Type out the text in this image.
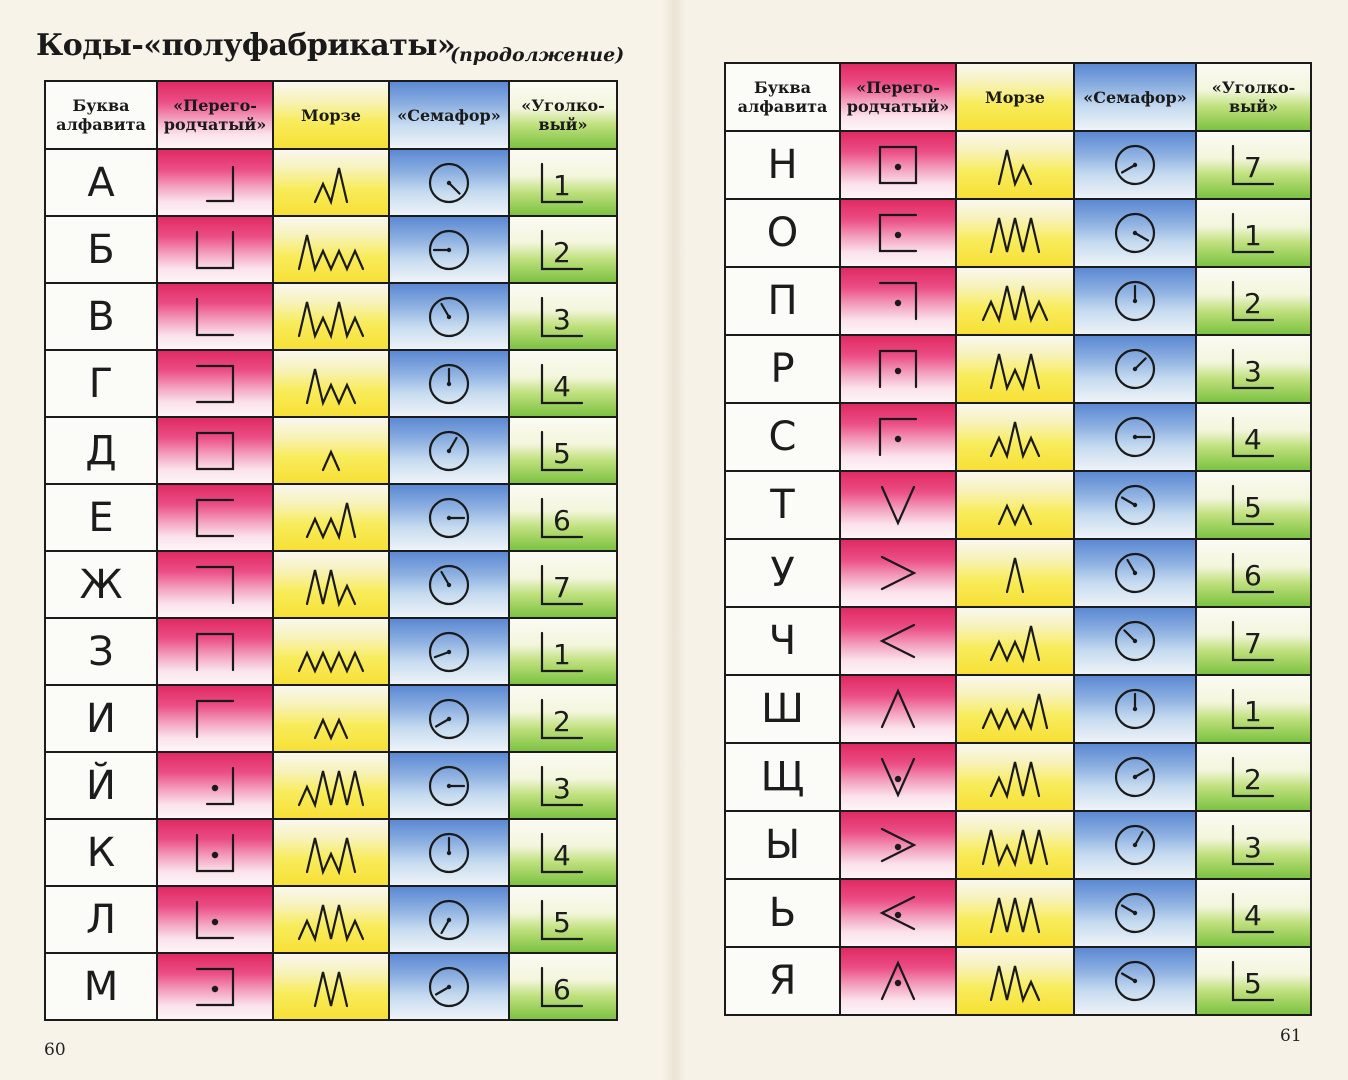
Коды-«полуфабрикаты»
(продолжение)
Буква алфавита	«Перего-родчатый»	Морзе	«Семафор»	«Уголко-вый»
А				1

Б				2

В				3

Г				4

Д				5

Е				6

Ж				7

З				1

И				2

Й				3

К				4

Л				5

М				6
Буква алфавита	«Перего-родчатый»	Морзе	«Семафор»	«Уголко-вый»
Н				7

О				1

П				2

Р				3

С				4

Т				5

У				6

Ч				7

Ш				1

Щ				2

Ы				3

Ь				4

Я				5
60
61
